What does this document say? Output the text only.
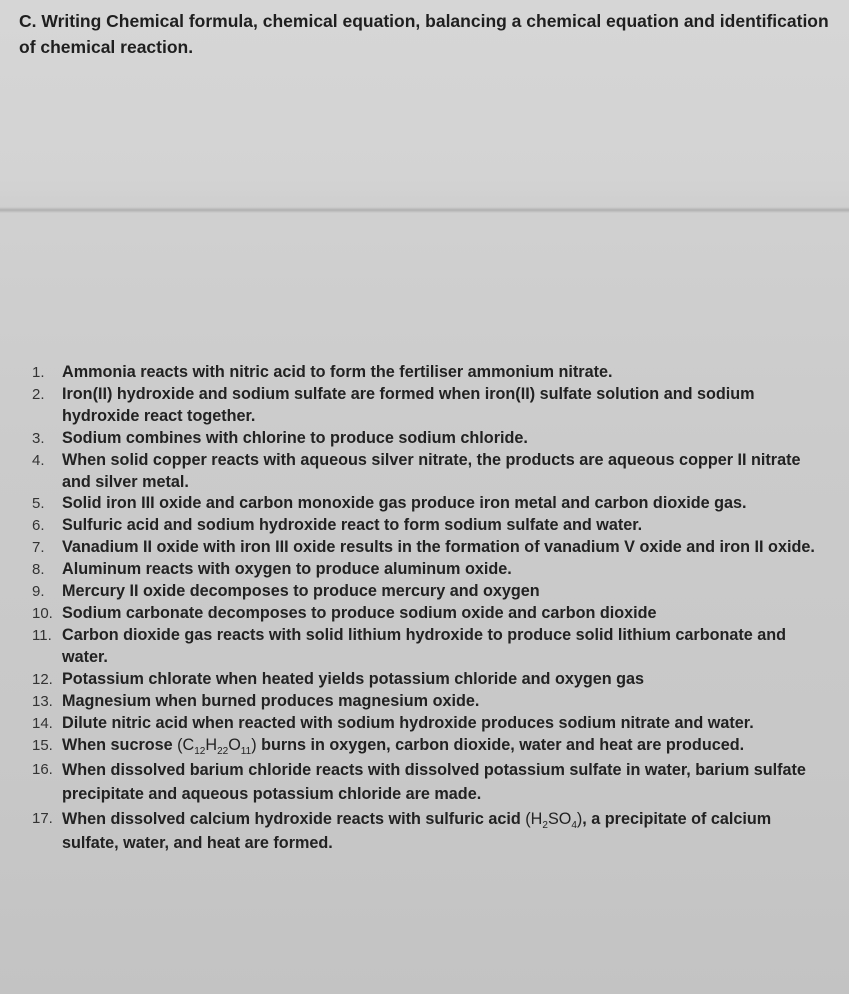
C. Writing Chemical formula, chemical equation, balancing a chemical equation and identification of chemical reaction.
1. Ammonia reacts with nitric acid to form the fertiliser ammonium nitrate.
2. Iron(II) hydroxide and sodium sulfate are formed when iron(II) sulfate solution and sodium hydroxide react together.
3. Sodium combines with chlorine to produce sodium chloride.
4. When solid copper reacts with aqueous silver nitrate, the products are aqueous copper II nitrate and silver metal.
5. Solid iron III oxide and carbon monoxide gas produce iron metal and carbon dioxide gas.
6. Sulfuric acid and sodium hydroxide react to form sodium sulfate and water.
7. Vanadium II oxide with iron III oxide results in the formation of vanadium V oxide and iron II oxide.
8. Aluminum reacts with oxygen to produce aluminum oxide.
9. Mercury II oxide decomposes to produce mercury and oxygen
10. Sodium carbonate decomposes to produce sodium oxide and carbon dioxide
11. Carbon dioxide gas reacts with solid lithium hydroxide to produce solid lithium carbonate and water.
12. Potassium chlorate when heated yields potassium chloride and oxygen gas
13. Magnesium when burned produces magnesium oxide.
14. Dilute nitric acid when reacted with sodium hydroxide produces sodium nitrate and water.
15. When sucrose $(C_{12}H_{22}O_{11})$ burns in oxygen, carbon dioxide, water and heat are produced.
16. When dissolved barium chloride reacts with dissolved potassium sulfate in water, barium sulfate precipitate and aqueous potassium chloride are made.
17. When dissolved calcium hydroxide reacts with sulfuric acid $(H_2SO_4)$, a precipitate of calcium sulfate, water, and heat are formed.
